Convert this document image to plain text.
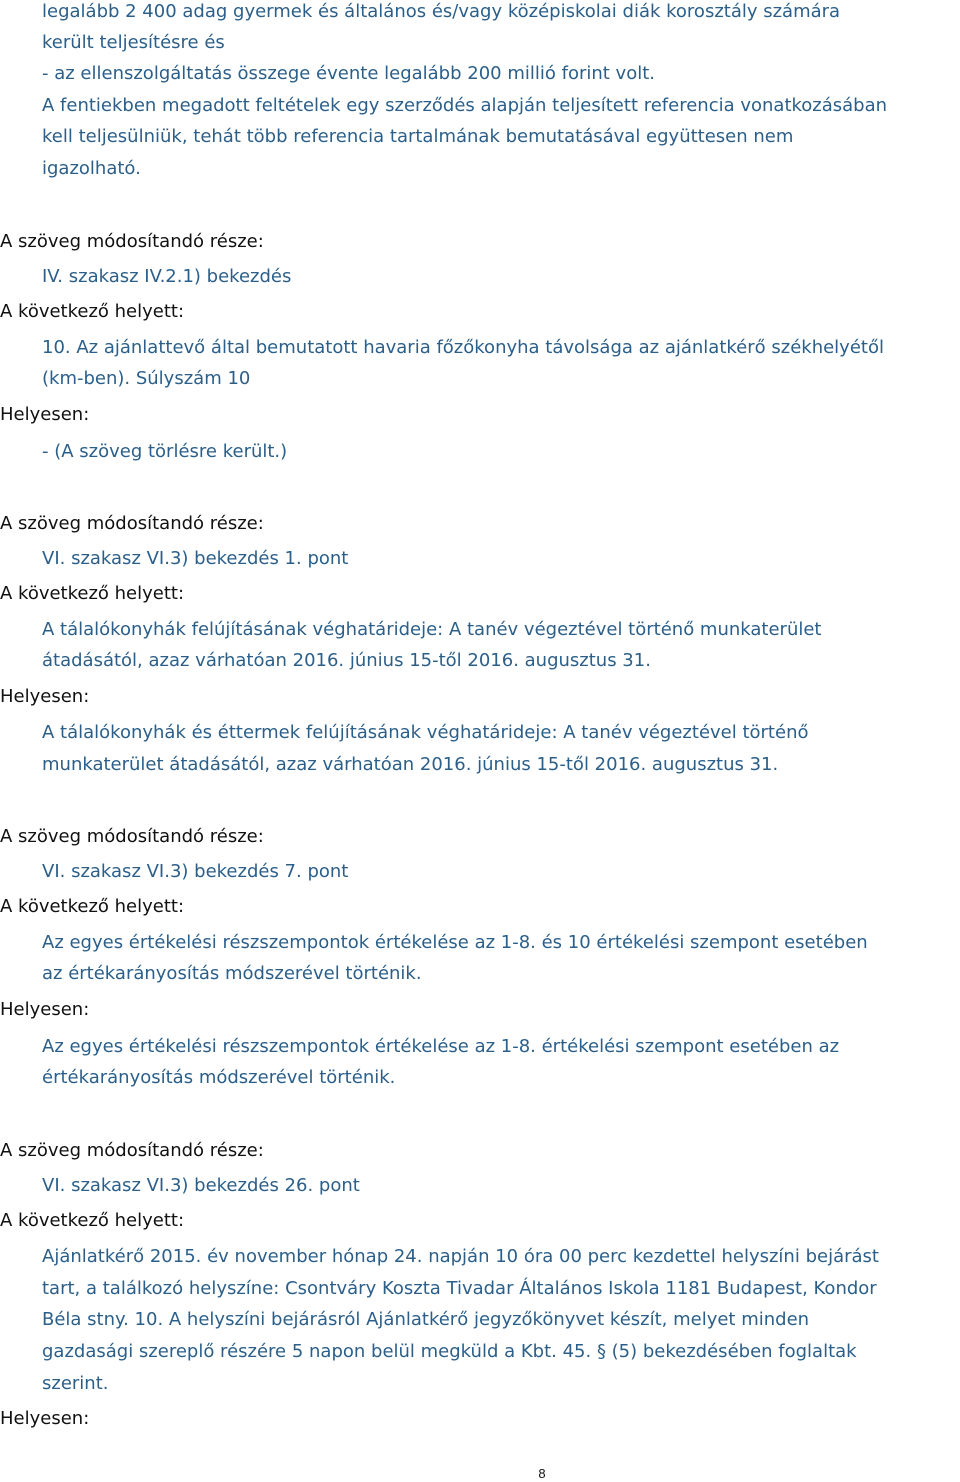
legalább 2 400 adag gyermek és általános és/vagy középiskolai diák korosztály számára
került teljesítésre és
- az ellenszolgáltatás összege évente legalább 200 millió forint volt.
A fentiekben megadott feltételek egy szerződés alapján teljesített referencia vonatkozásában
kell teljesülniük, tehát több referencia tartalmának bemutatásával együttesen nem
igazolható.
A szöveg módosítandó része:
IV. szakasz IV.2.1) bekezdés
A következő helyett:
10. Az ajánlattevő által bemutatott havaria főzőkonyha távolsága az ajánlatkérő székhelyétől
(km-ben). Súlyszám 10
Helyesen:
- (A szöveg törlésre került.)
A szöveg módosítandó része:
VI. szakasz VI.3) bekezdés 1. pont
A következő helyett:
A tálalókonyhák felújításának véghatárideje: A tanév végeztével történő munkaterület
átadásától, azaz várhatóan 2016. június 15-től 2016. augusztus 31.
Helyesen:
A tálalókonyhák és éttermek felújításának véghatárideje: A tanév végeztével történő
munkaterület átadásától, azaz várhatóan 2016. június 15-től 2016. augusztus 31.
A szöveg módosítandó része:
VI. szakasz VI.3) bekezdés 7. pont
A következő helyett:
Az egyes értékelési részszempontok értékelése az 1-8. és 10 értékelési szempont esetében
az értékarányosítás módszerével történik.
Helyesen:
Az egyes értékelési részszempontok értékelése az 1-8. értékelési szempont esetében az
értékarányosítás módszerével történik.
A szöveg módosítandó része:
VI. szakasz VI.3) bekezdés 26. pont
A következő helyett:
Ajánlatkérő 2015. év november hónap 24. napján 10 óra 00 perc kezdettel helyszíni bejárást
tart, a találkozó helyszíne: Csontváry Koszta Tivadar Általános Iskola 1181 Budapest, Kondor
Béla stny. 10. A helyszíni bejárásról Ajánlatkérő jegyzőkönyvet készít, melyet minden
gazdasági szereplő részére 5 napon belül megküld a Kbt. 45. § (5) bekezdésében foglaltak
szerint.
Helyesen:
8
